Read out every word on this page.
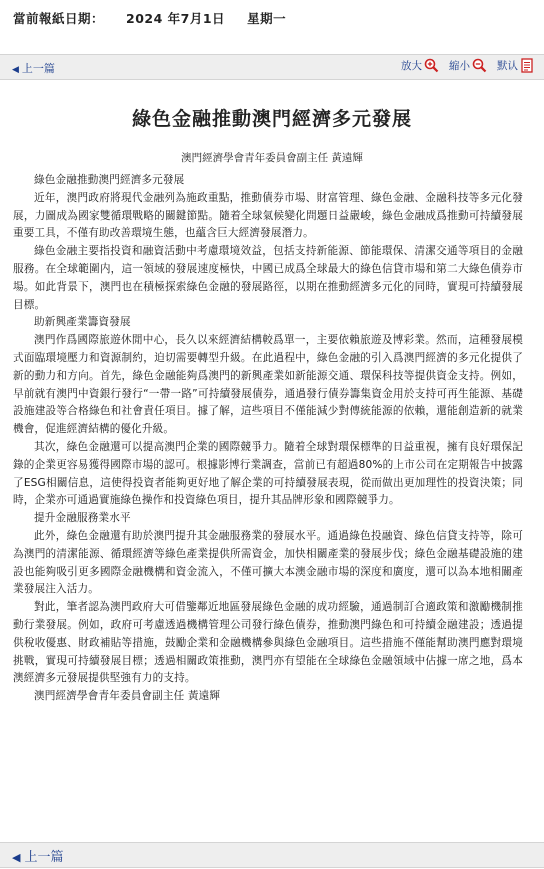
當前報紙日期： 2024 年7月1日 星期一
◀ 上一篇	放大	縮小	默认
綠色金融推動澳門經濟多元發展
澳門經濟學會青年委員會副主任 黃遠輝

綠色金融推動澳門經濟多元發展

近年，澳門政府將現代金融列為施政重點，推動債券市場、財富管理、綠色金融、金融科技等多元化發展，力圖成為國家雙循環戰略的關鍵節點。隨着全球氣候變化問題日益嚴峻，綠色金融成爲推動可持續發展重要工具，不僅有助改善環境生態，也蘊含巨大經濟發展潛力。

綠色金融主要指投資和融資活動中考慮環境效益，包括支持新能源、節能環保、清潔交通等項目的金融服務。在全球範圍内，這一領域的發展速度極快，中國已成爲全球最大的綠色信貸市場和第二大綠色債券市場。如此背景下，澳門也在積極探索綠色金融的發展路徑，以期在推動經濟多元化的同時，實現可持續發展目標。

助新興產業籌資發展

澳門作爲國際旅遊休閒中心，長久以來經濟結構較爲單一，主要依賴旅遊及博彩業。然而，這種發展模式面臨環境壓力和資源制約，迫切需要轉型升級。在此過程中，綠色金融的引入爲澳門經濟的多元化提供了新的動力和方向。首先，綠色金融能夠爲澳門的新興產業如新能源交通、環保科技等提供資金支持。例如，早前就有澳門中資銀行發行“一帶一路”可持續發展債券，通過發行債券籌集資金用於支持可再生能源、基礎設施建設等合格綠色和社會責任項目。據了解，這些項目不僅能減少對傳統能源的依賴，還能創造新的就業機會，促進經濟結構的優化升級。

其次，綠色金融還可以提高澳門企業的國際競爭力。隨着全球對環保標準的日益重視，擁有良好環保記錄的企業更容易獲得國際市場的認可。根據影博行業調查，當前已有超過80%的上市公司在定期報告中披露了ESG相關信息，這使得投資者能夠更好地了解企業的可持續發展表現，從而做出更加理性的投資決策；同時，企業亦可通過實施綠色操作和投資綠色項目，提升其品牌形象和國際競爭力。

提升金融服務業水平

此外，綠色金融還有助於澳門提升其金融服務業的發展水平。通過綠色投融資、綠色信貸支持等，除可為澳門的清潔能源、循環經濟等綠色產業提供所需資金，加快相關產業的發展步伐；綠色金融基礎設施的建設也能夠吸引更多國際金融機構和資金流入，不僅可擴大本澳金融市場的深度和廣度，還可以為本地相關產業發展注入活力。

對此，筆者認為澳門政府大可借鑒鄰近地區發展綠色金融的成功經驗，通過制訂合適政策和激勵機制推動行業發展。例如，政府可考慮透過機構管理公司發行綠色債券，推動澳門綠色和可持續金融建設；透過提供稅收優惠、財政補貼等措施，鼓勵企業和金融機構參與綠色金融項目。這些措施不僅能幫助澳門應對環境挑戰，實現可持續發展目標；透過相關政策推動，澳門亦有望能在全球綠色金融領域中佔據一席之地，爲本澳經濟多元發展提供堅強有力的支持。

澳門經濟學會青年委員會副主任 黃遠輝

◀ 上一篇
